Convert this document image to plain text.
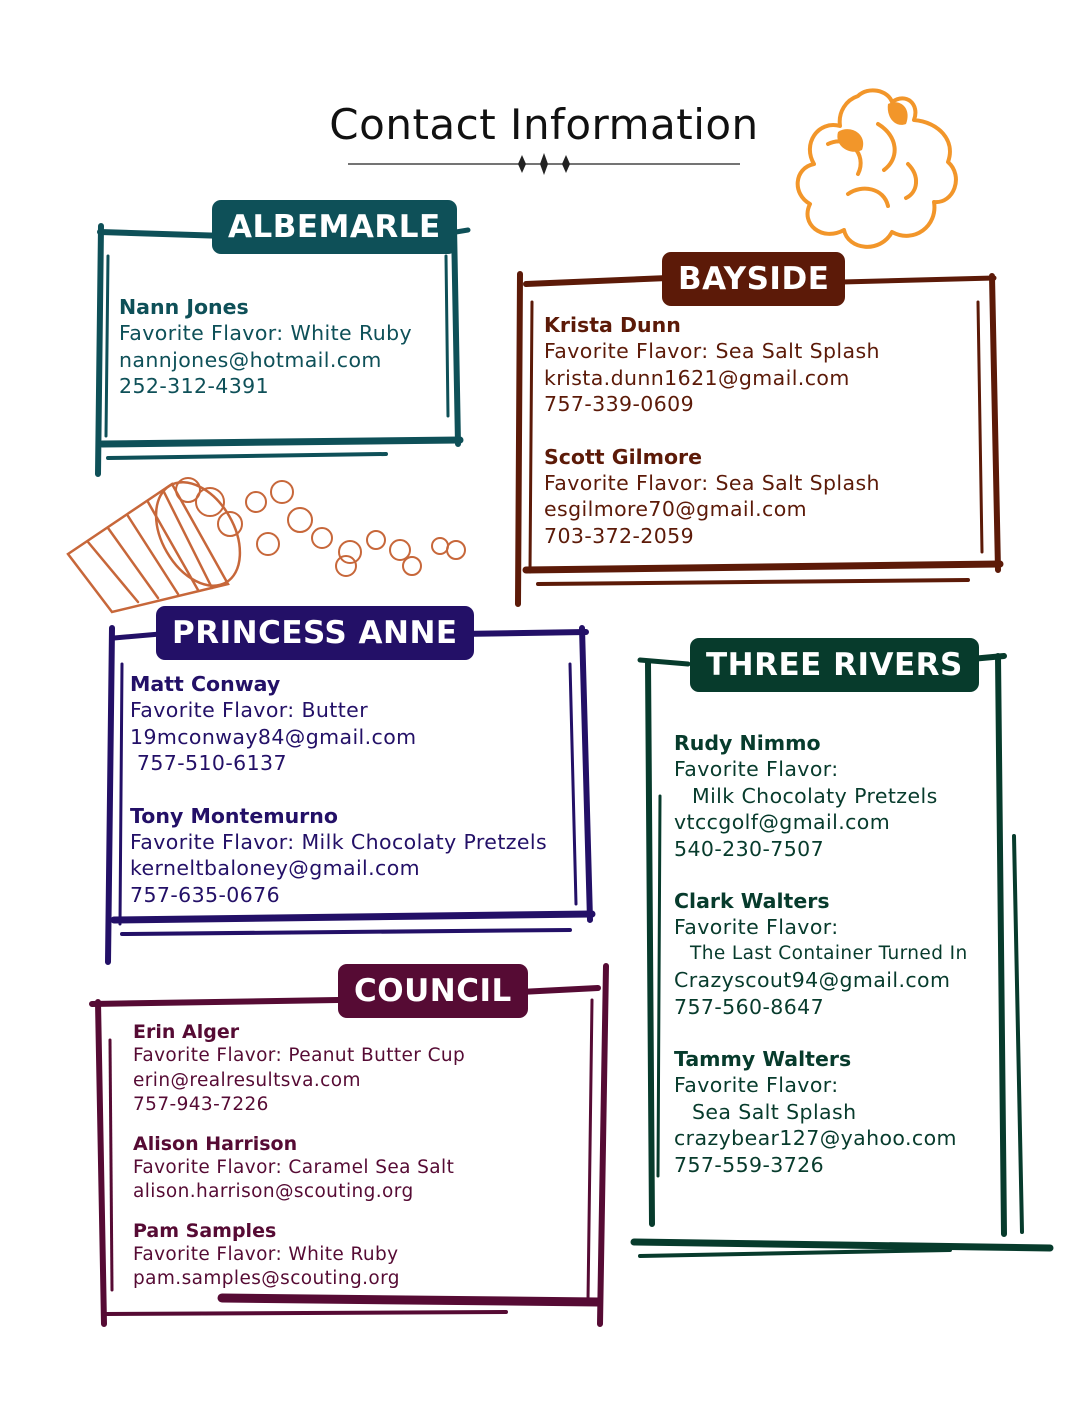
Contact Information
ALBEMARLE
Nann Jones
Favorite Flavor: White Ruby
nannjones@hotmail.com
252-312-4391
BAYSIDE
Krista Dunn
Favorite Flavor: Sea Salt Splash
krista.dunn1621@gmail.com
757-339-0609
Scott Gilmore
Favorite Flavor: Sea Salt Splash
esgilmore70@gmail.com
703-372-2059
PRINCESS ANNE
Matt Conway
Favorite Flavor: Butter
19mconway84@gmail.com
757-510-6137
Tony Montemurno
Favorite Flavor: Milk Chocolaty Pretzels
kerneltbaloney@gmail.com
757-635-0676
THREE RIVERS
Rudy Nimmo
Favorite Flavor:
Milk Chocolaty Pretzels
vtccgolf@gmail.com
540-230-7507
Clark Walters
Favorite Flavor:
The Last Container Turned In
Crazyscout94@gmail.com
757-560-8647
Tammy Walters
Favorite Flavor:
Sea Salt Splash
crazybear127@yahoo.com
757-559-3726
COUNCIL
Erin Alger
Favorite Flavor: Peanut Butter Cup
erin@realresultsva.com
757-943-7226
Alison Harrison
Favorite Flavor: Caramel Sea Salt
alison.harrison@scouting.org
Pam Samples
Favorite Flavor: White Ruby
pam.samples@scouting.org
